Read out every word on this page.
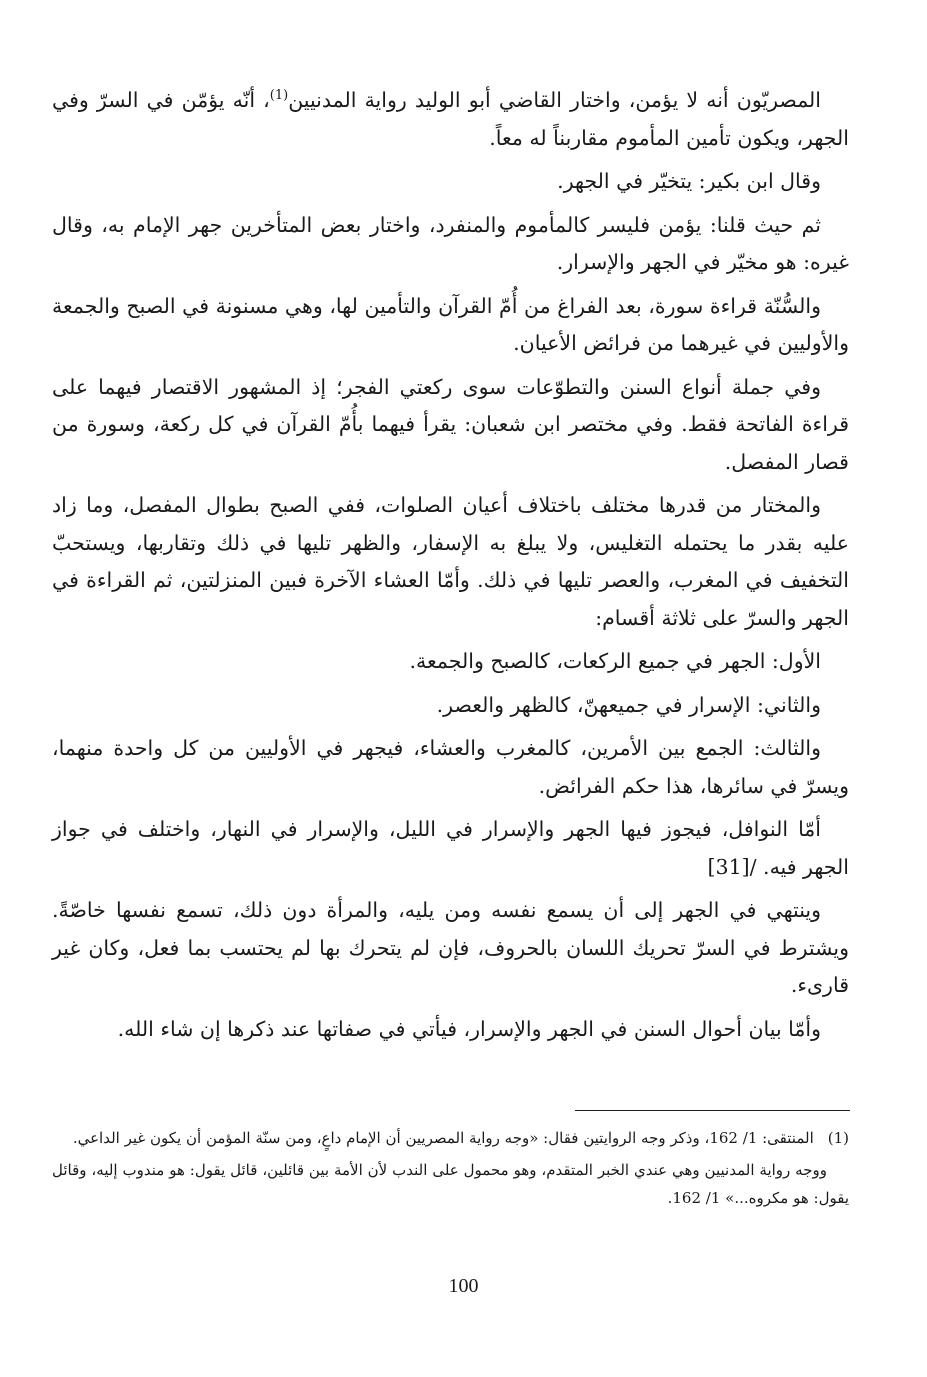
المصريّون أنه لا يؤمن، واختار القاضي أبو الوليد رواية المدنيين$^{(1)}$، أنّه يؤمّن في السرّ وفي الجهر، ويكون تأمين المأموم مقاربناً له معاً.

وقال ابن بكير: يتخيّر في الجهر.

ثم حيث قلنا: يؤمن فليسر كالمأموم والمنفرد، واختار بعض المتأخرين جهر الإمام به، وقال غيره: هو مخيّر في الجهر والإسرار.

والسُّنّة قراءة سورة، بعد الفراغ من أُمّ القرآن والتأمين لها، وهي مسنونة في الصبح والجمعة والأوليين في غيرهما من فرائض الأعيان.

وفي جملة أنواع السنن والتطوّعات سوى ركعتي الفجر؛ إذ المشهور الاقتصار فيهما على قراءة الفاتحة فقط. وفي مختصر ابن شعبان: يقرأ فيهما بأُمّ القرآن في كل ركعة، وسورة من قصار المفصل.

والمختار من قدرها مختلف باختلاف أعيان الصلوات، ففي الصبح بطوال المفصل، وما زاد عليه بقدر ما يحتمله التغليس، ولا يبلغ به الإسفار، والظهر تليها في ذلك وتقاربها، ويستحبّ التخفيف في المغرب، والعصر تليها في ذلك. وأمّا العشاء الآخرة فبين المنزلتين، ثم القراءة في الجهر والسرّ على ثلاثة أقسام:

الأول: الجهر في جميع الركعات، كالصبح والجمعة.

والثاني: الإسرار في جميعهنّ، كالظهر والعصر.

والثالث: الجمع بين الأمرين، كالمغرب والعشاء، فيجهر في الأوليين من كل واحدة منهما، ويسرّ في سائرها، هذا حكم الفرائض.

أمّا النوافل، فيجوز فيها الجهر والإسرار في الليل، والإسرار في النهار، واختلف في جواز الجهر فيه. /[31]

وينتهي في الجهر إلى أن يسمع نفسه ومن يليه، والمرأة دون ذلك، تسمع نفسها خاصّةً. ويشترط في السرّ تحريك اللسان بالحروف، فإن لم يتحرك بها لم يحتسب بما فعل، وكان غير قارىء.

وأمّا بيان أحوال السنن في الجهر والإسرار، فيأتي في صفاتها عند ذكرها إن شاء الله.

(1)المنتقى: 1/ 162، وذكر وجه الروايتين فقال: «وجه رواية المصريين أن الإمام داعٍ، ومن سنّة المؤمن أن يكون غير الداعي.

ووجه رواية المدنيين وهي عندي الخبر المتقدم، وهو محمول على الندب لأن الأمة بين قائلين، قائل يقول: هو مندوب إليه، وقائل يقول: هو مكروه...» 1/ 162.

100
